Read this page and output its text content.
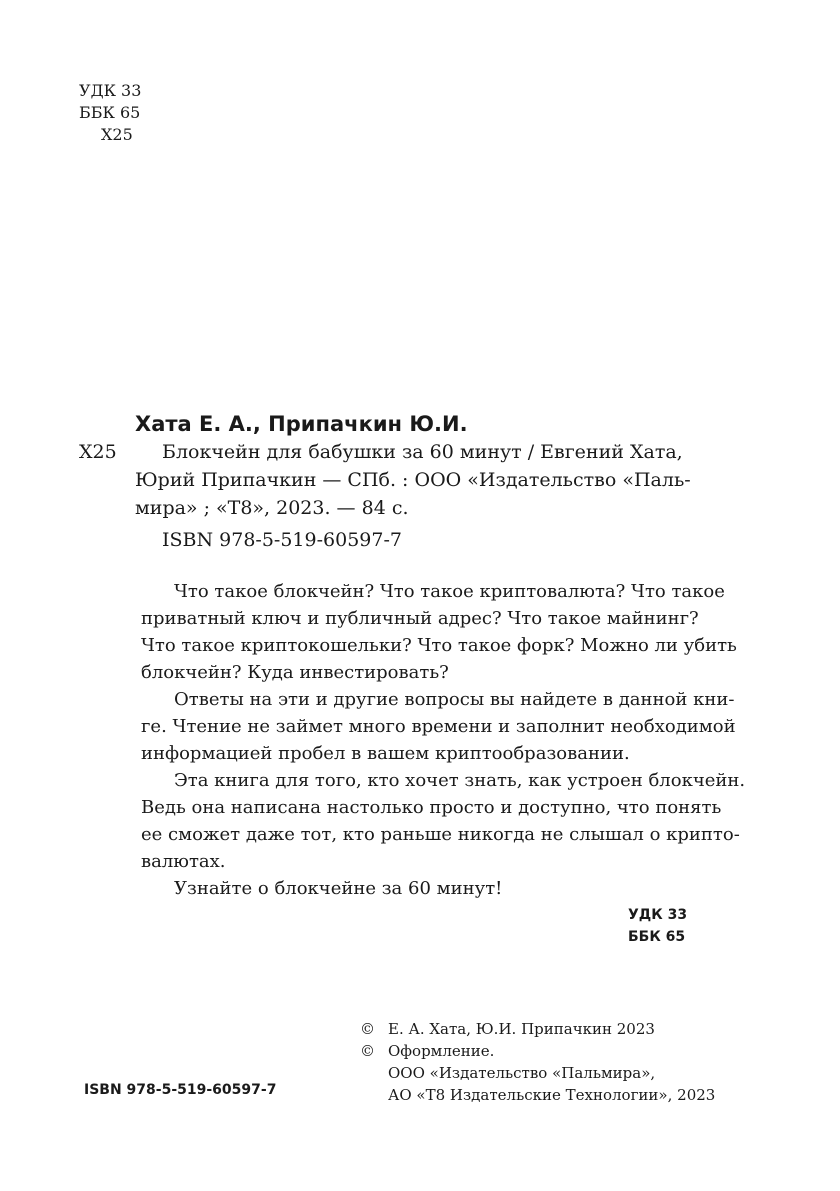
УДК 33
ББК 65
Х25
Хата Е. А., Припачкин Ю.И.
Х25	Блокчейн для бабушки за 60 минут / Евгений Хата,
Юрий Припачкин — СПб. : ООО «Издательство «Паль-
мира» ; «Т8», 2023. — 84 с.
ISBN 978-5-519-60597-7
Что такое блокчейн? Что такое криптовалюта? Что такое
приватный ключ и публичный адрес? Что такое майнинг?
Что такое криптокошельки? Что такое форк? Можно ли убить
блокчейн? Куда инвестировать?
Ответы на эти и другие вопросы вы найдете в данной кни-
ге. Чтение не займет много времени и заполнит необходимой
информацией пробел в вашем криптообразовании.
Эта книга для того, кто хочет знать, как устроен блокчейн.
Ведь она написана настолько просто и доступно, что понять
ее сможет даже тот, кто раньше никогда не слышал о крипто-
валютах.
Узнайте о блокчейне за 60 минут!
УДК 33
ББК 65
© Е. А. Хата, Ю.И. Припачкин 2023
© Оформление.
ООО «Издательство «Пальмира»,
АО «Т8 Издательские Технологии», 2023
ISBN 978-5-519-60597-7
